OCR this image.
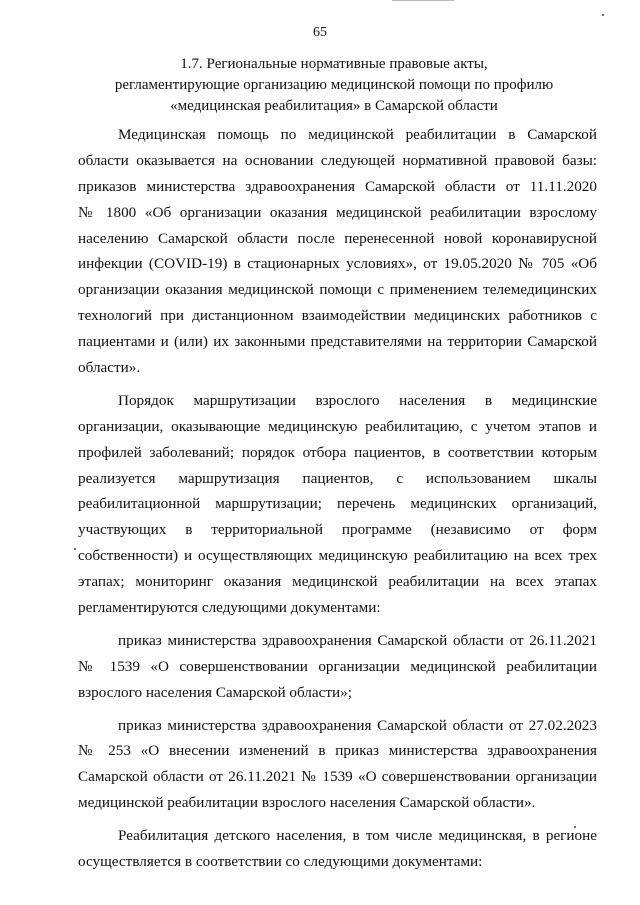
65
1.7. Региональные нормативные правовые акты,
регламентирующие организацию медицинской помощи по профилю
«медицинская реабилитация» в Самарской области

Медицинская помощь по медицинской реабилитации в Самарской
области оказывается на основании следующей нормативной правовой базы:
приказов министерства здравоохранения Самарской области от 11.11.2020
№ 1800 «Об организации оказания медицинской реабилитации взрослому
населению Самарской области после перенесенной новой коронавирусной
инфекции (COVID-19) в стационарных условиях», от 19.05.2020 № 705 «Об
организации оказания медицинской помощи с применением телемедицинских
технологий при дистанционном взаимодействии медицинских работников с
пациентами и (или) их законными представителями на территории Самарской
области».

Порядок маршрутизации взрослого населения в медицинские
организации, оказывающие медицинскую реабилитацию, с учетом этапов и
профилей заболеваний; порядок отбора пациентов, в соответствии которым
реализуется маршрутизация пациентов, с использованием шкалы
реабилитационной маршрутизации; перечень медицинских организаций,
участвующих в территориальной программе (независимо от форм
собственности) и осуществляющих медицинскую реабилитацию на всех трех
этапах; мониторинг оказания медицинской реабилитации на всех этапах
регламентируются следующими документами:

приказ министерства здравоохранения Самарской области от 26.11.2021
№ 1539 «О совершенствовании организации медицинской реабилитации
взрослого населения Самарской области»;

приказ министерства здравоохранения Самарской области от 27.02.2023
№ 253 «О внесении изменений в приказ министерства здравоохранения
Самарской области от 26.11.2021 № 1539 «О совершенствовании организации
медицинской реабилитации взрослого населения Самарской области».

Реабилитация детского населения, в том числе медицинская, в регионе
осуществляется в соответствии со следующими документами:
